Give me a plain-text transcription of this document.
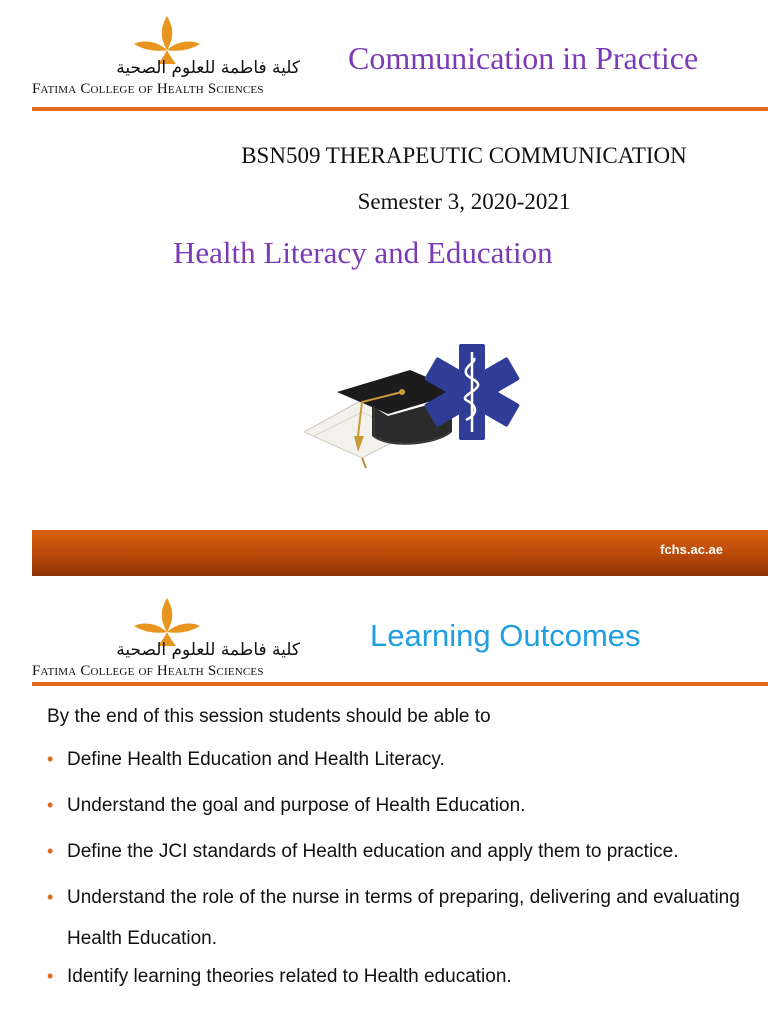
كلية فاطمة للعلوم الصحية
Fatima College of Health Sciences
Communication in Practice
BSN509 THERAPEUTIC COMMUNICATION
Semester 3, 2020-2021
Health Literacy and Education
fchs.ac.ae
كلية فاطمة للعلوم الصحية
Fatima College of Health Sciences
Learning Outcomes
By the end of this session students should be able to
• Define Health Education and Health Literacy.
• Understand the goal and purpose of Health Education.
• Define the JCI standards of Health education and apply them to practice.
• Understand the role of the nurse in terms of preparing, delivering and evaluating Health Education.
• Identify learning theories related to Health education.
